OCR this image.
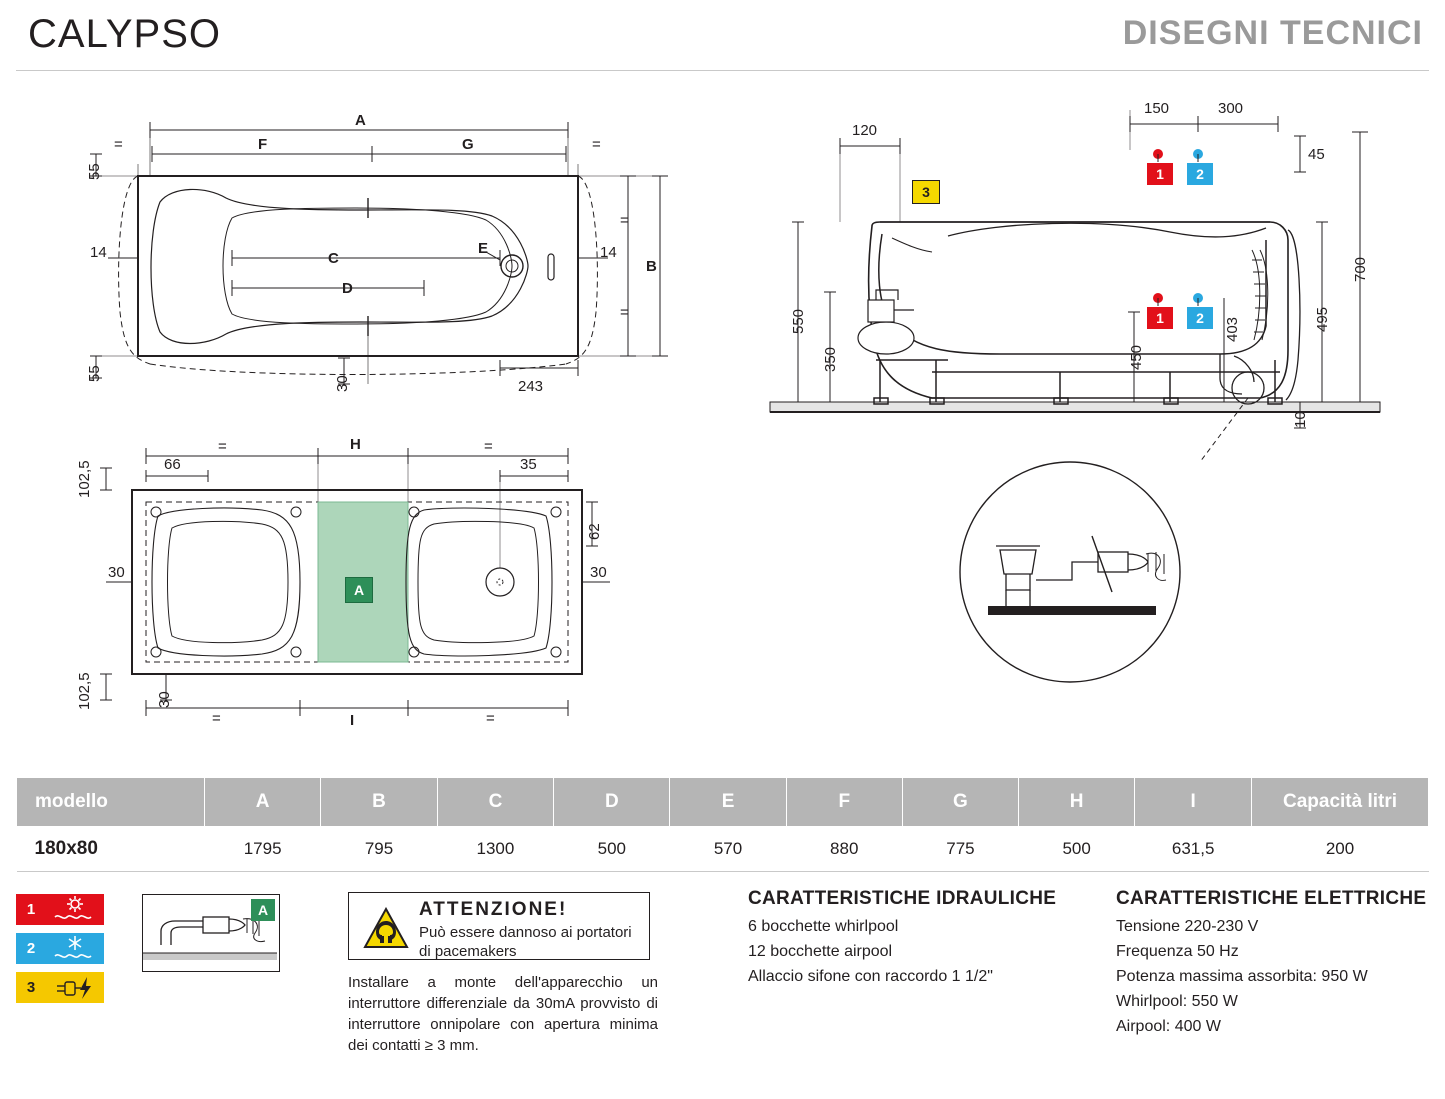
CALYPSO	DISEGNI TECNICI
A
F	G
=	=
55
55
14	14
C
D
E
B
=
=
30	243
H
=	=
66	35
102,5
102,5
30	30
62
30
I
=	=
A
120
150	300
45
700
495
403
450
550
350
10
1	2
1	2
3
modello	A	B	C	D	E	F	G	H	I	Capacità litri
180x80	1795	795	1300	500	570	880	775	500	631,5	200
1
2
3
A	ATTENZIONE!
Può essere dannoso ai portatori di pacemakers
Installare a monte dell'apparecchio un interruttore differenziale da 30mA provvisto di interruttore onnipolare con apertura minima dei contatti ≥ 3 mm.
CARATTERISTICHE IDRAULICHE
6 bocchette whirlpool
12 bocchette airpool
Allaccio sifone con raccordo 1 1/2"
CARATTERISTICHE ELETTRICHE
Tensione 220-230 V
Frequenza 50 Hz
Potenza massima assorbita: 950 W
Whirlpool: 550 W
Airpool: 400 W
